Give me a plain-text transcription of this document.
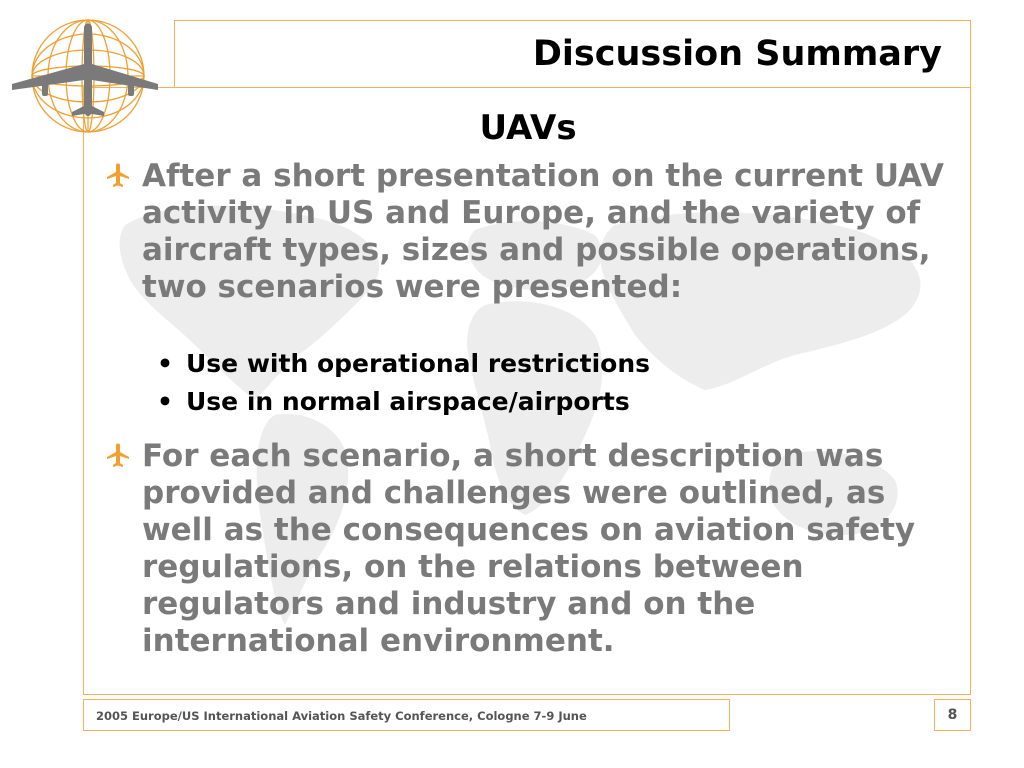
Discussion Summary
UAVs
After a short presentation on the current UAV activity in US and Europe, and the variety of aircraft types, sizes and possible operations, two scenarios were presented:
• Use with operational restrictions
• Use in normal airspace/airports
For each scenario, a short description was provided and challenges were outlined, as well as the consequences on aviation safety regulations, on the relations between regulators and industry and on the international environment.
2005 Europe/US International Aviation Safety Conference, Cologne 7-9 June	8
